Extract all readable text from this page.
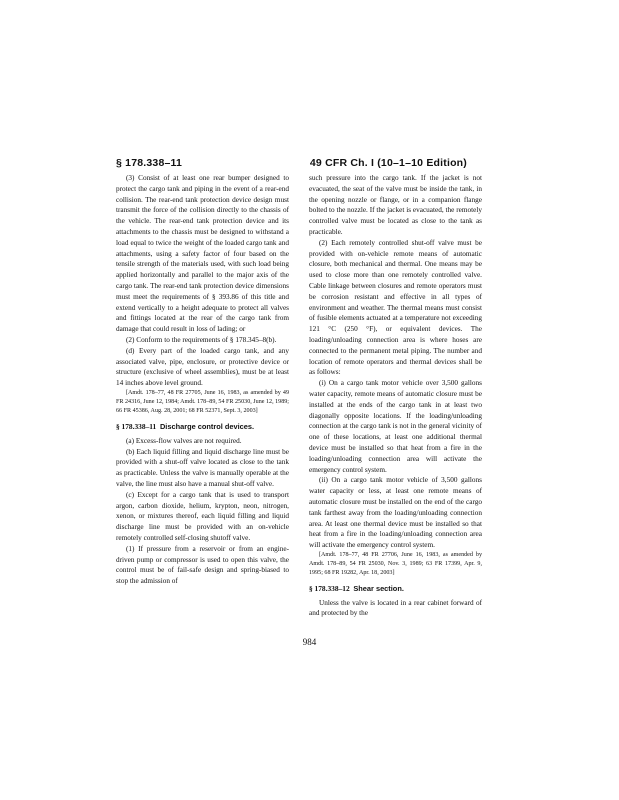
§ 178.338–11	49 CFR Ch. I (10–1–10 Edition)

(3) Consist of at least one rear bumper designed to protect the cargo tank and piping in the event of a rear-end collision. The rear-end tank protection device design must transmit the force of the collision directly to the chassis of the vehicle. The rear-end tank protection device and its attachments to the chassis must be designed to withstand a load equal to twice the weight of the loaded cargo tank and attachments, using a safety factor of four based on the tensile strength of the materials used, with such load being applied horizontally and parallel to the major axis of the cargo tank. The rear-end tank protection device dimensions must meet the requirements of § 393.86 of this title and extend vertically to a height adequate to protect all valves and fittings located at the rear of the cargo tank from damage that could result in loss of lading; or

(2) Conform to the requirements of § 178.345–8(b).

(d) Every part of the loaded cargo tank, and any associated valve, pipe, enclosure, or protective device or structure (exclusive of wheel assemblies), must be at least 14 inches above level ground.

[Amdt. 178–77, 48 FR 27705, June 16, 1983, as amended by 49 FR 24316, June 12, 1984; Amdt. 178–89, 54 FR 25030, June 12, 1989; 66 FR 45386, Aug. 28, 2001; 68 FR 52371, Sept. 3, 2003]

§ 178.338–11 Discharge control devices.

(a) Excess-flow valves are not required.

(b) Each liquid filling and liquid discharge line must be provided with a shut-off valve located as close to the tank as practicable. Unless the valve is manually operable at the valve, the line must also have a manual shut-off valve.

(c) Except for a cargo tank that is used to transport argon, carbon dioxide, helium, krypton, neon, nitrogen, xenon, or mixtures thereof, each liquid filling and liquid discharge line must be provided with an on-vehicle remotely controlled self-closing shutoff valve.

(1) If pressure from a reservoir or from an engine-driven pump or compressor is used to open this valve, the control must be of fail-safe design and spring-biased to stop the admission of

such pressure into the cargo tank. If the jacket is not evacuated, the seat of the valve must be inside the tank, in the opening nozzle or flange, or in a companion flange bolted to the nozzle. If the jacket is evacuated, the remotely controlled valve must be located as close to the tank as practicable.

(2) Each remotely controlled shut-off valve must be provided with on-vehicle remote means of automatic closure, both mechanical and thermal. One means may be used to close more than one remotely controlled valve. Cable linkage between closures and remote operators must be corrosion resistant and effective in all types of environment and weather. The thermal means must consist of fusible elements actuated at a temperature not exceeding 121 °C (250 °F), or equivalent devices. The loading/unloading connection area is where hoses are connected to the permanent metal piping. The number and location of remote operators and thermal devices shall be as follows:

(i) On a cargo tank motor vehicle over 3,500 gallons water capacity, remote means of automatic closure must be installed at the ends of the cargo tank in at least two diagonally opposite locations. If the loading/unloading connection at the cargo tank is not in the general vicinity of one of these locations, at least one additional thermal device must be installed so that heat from a fire in the loading/unloading connection area will activate the emergency control system.

(ii) On a cargo tank motor vehicle of 3,500 gallons water capacity or less, at least one remote means of automatic closure must be installed on the end of the cargo tank farthest away from the loading/unloading connection area. At least one thermal device must be installed so that heat from a fire in the loading/unloading connection area will activate the emergency control system.

[Amdt. 178–77, 48 FR 27706, June 16, 1983, as amended by Amdt. 178–89, 54 FR 25030, Nov. 3, 1989; 63 FR 17399, Apr. 9, 1995; 68 FR 19282, Apr. 18, 2003]

§ 178.338–12 Shear section.

Unless the valve is located in a rear cabinet forward of and protected by the

984
